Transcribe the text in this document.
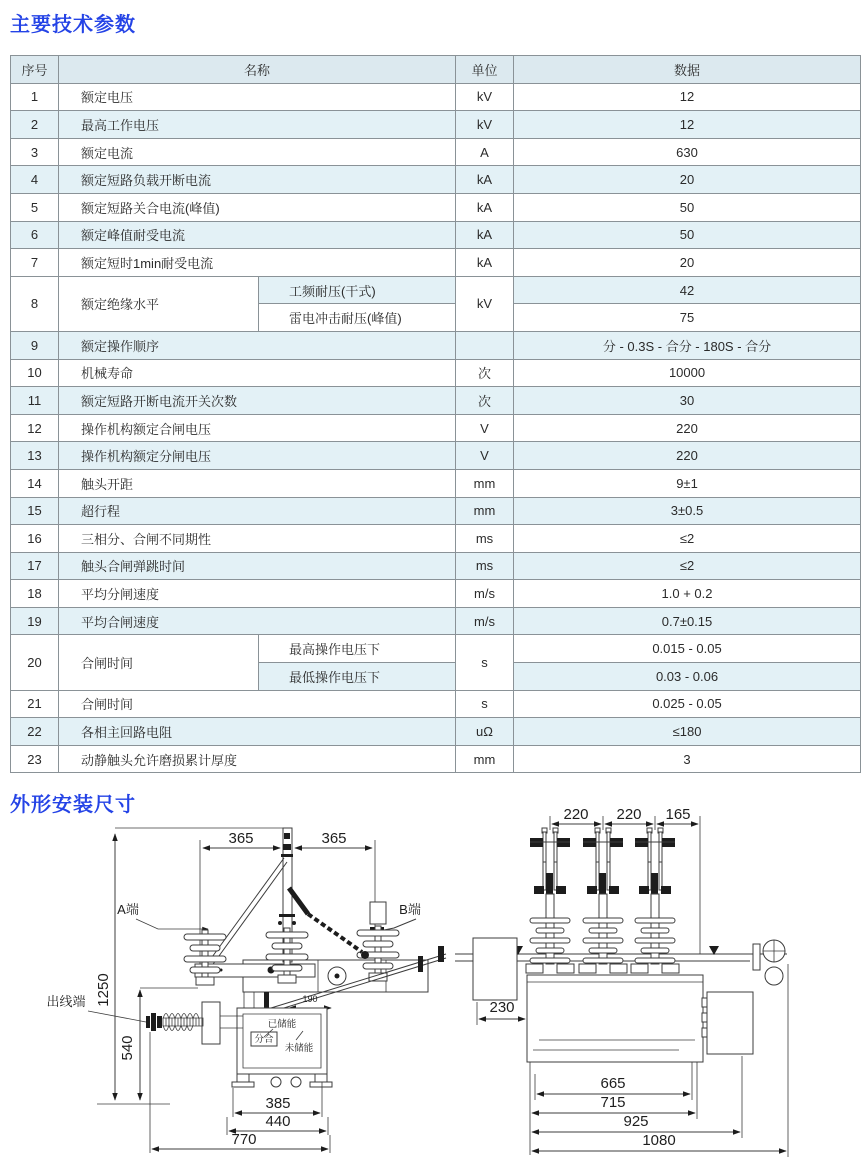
主要技术参数
序号	名称		单位	数据
1	额定电压		kV	12
2	最高工作电压		kV	12
3	额定电流		A	630
4	额定短路负载开断电流		kA	20
5	额定短路关合电流(峰值)		kA	50
6	额定峰值耐受电流		kA	50
7	额定短时1min耐受电流		kA	20
8	额定绝缘水平	工频耐压(干式)	kV	42
		雷电冲击耐压(峰值)		75
9	额定操作顺序			分 - 0.3S - 合分 - 180S - 合分
10	机械寿命		次	10000
11	额定短路开断电流开关次数		次	30
12	操作机构额定合闸电压		V	220
13	操作机构额定分闸电压		V	220
14	触头开距		mm	9±1
15	超行程		mm	3±0.5
16	三相分、合闸不同期性		ms	≤2
17	触头合闸弹跳时间		ms	≤2
18	平均分闸速度		m/s	1.0 + 0.2
19	平均合闸速度		m/s	0.7±0.15
20	合闸时间	最高操作电压下	s	0.015 - 0.05
		最低操作电压下		0.03 - 0.06
21	合闸时间		s	0.025 - 0.05
22	各相主回路电阻		uΩ	≤180
23	动静触头允许磨损累计厚度		mm	3
外形安装尺寸
1250
365	365
A端	B端
190
分合
已储能
未储能
出线端
540
385
440
770
220 220 165
230
665
715
925
1080
